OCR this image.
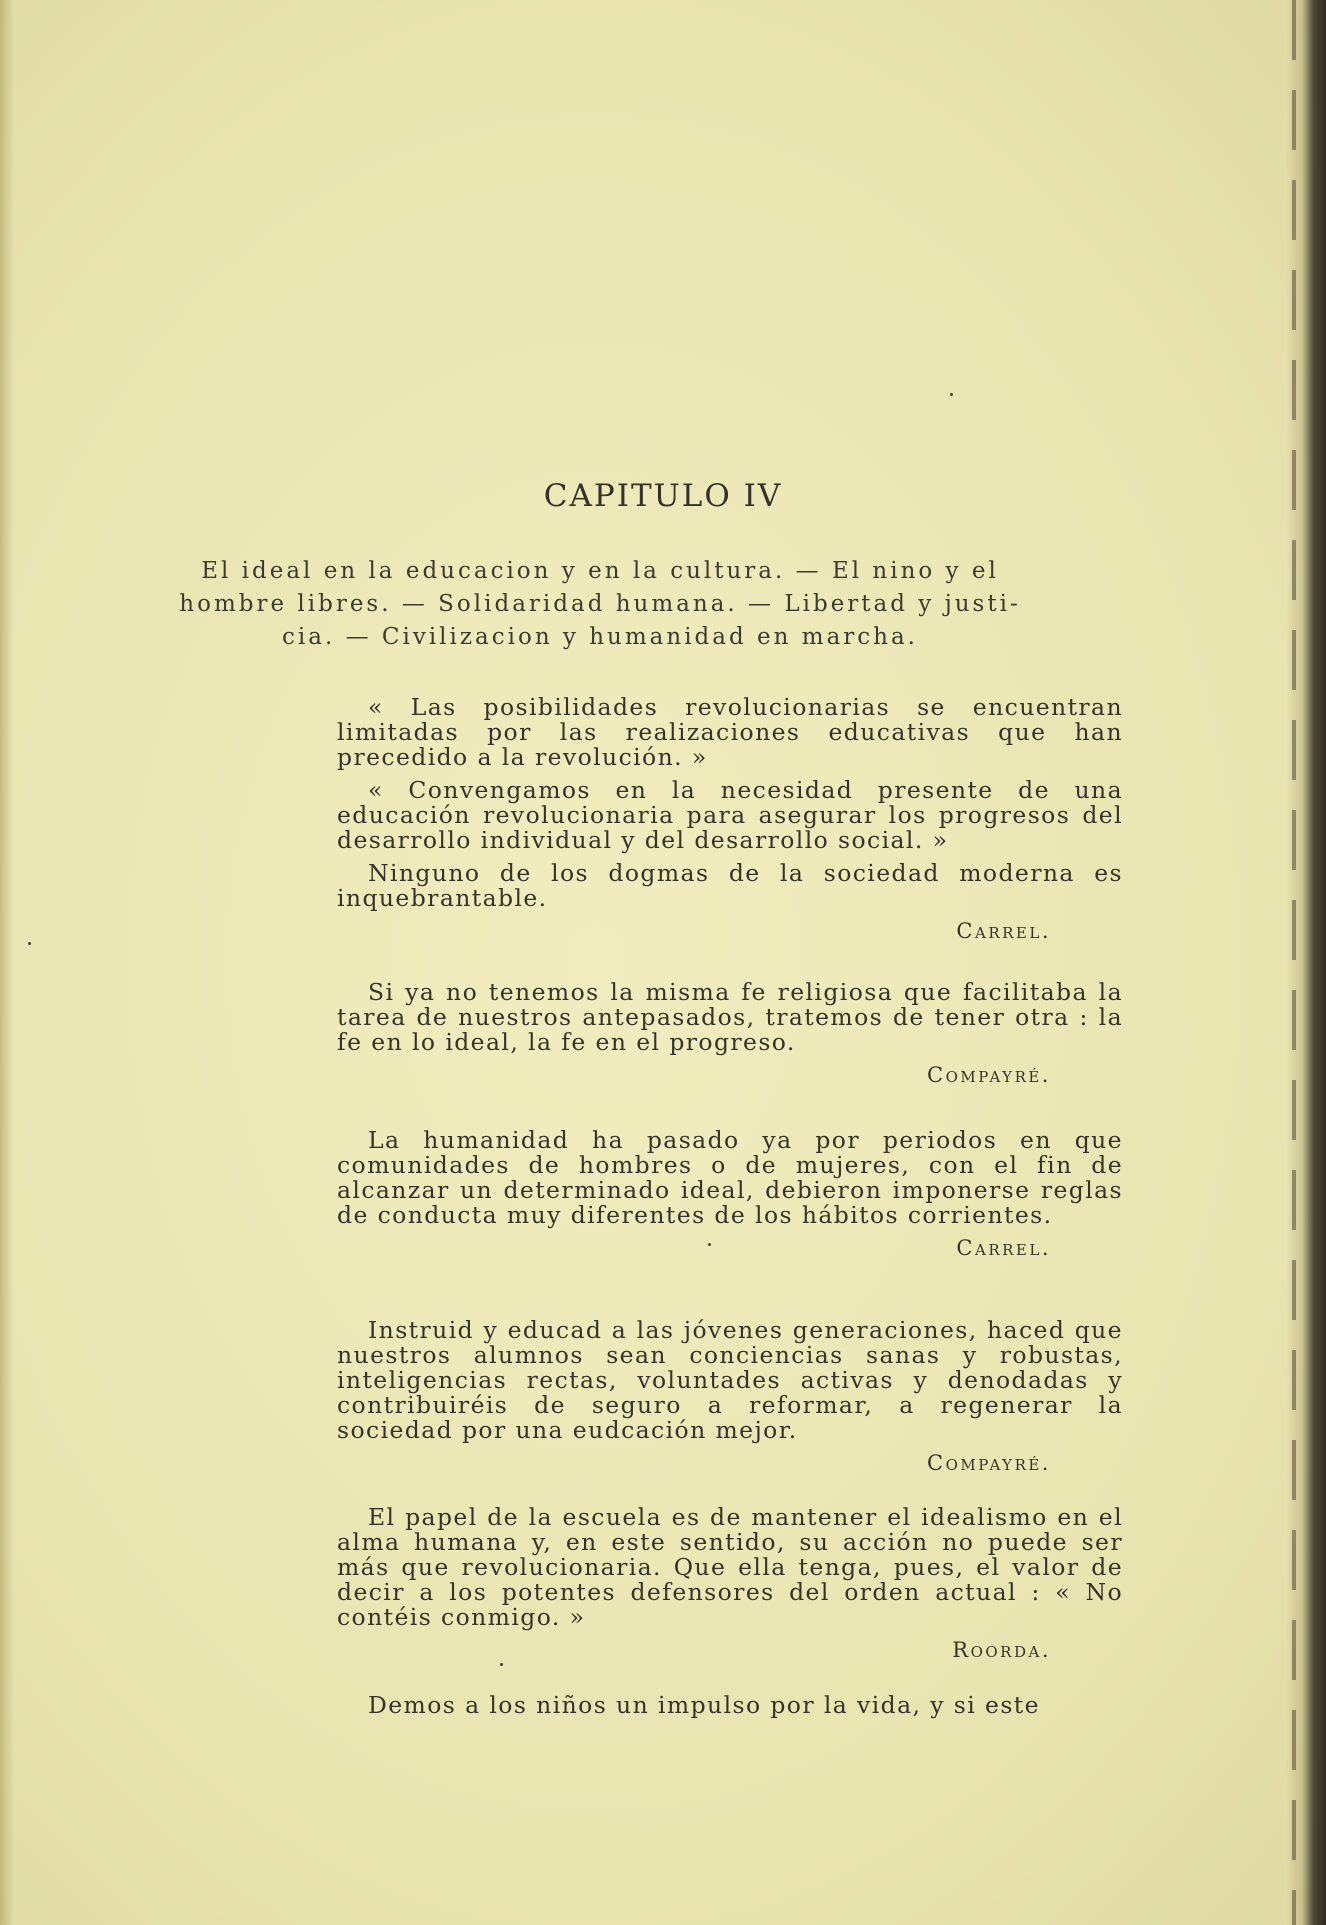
CAPITULO IV
El ideal en la educacion y en la cultura. — El nino y el
hombre libres. — Solidaridad humana. — Libertad y justi-
cia. — Civilizacion y humanidad en marcha.

« Las posibilidades revolucionarias se encuentran limitadas por las realizaciones educativas que han precedido a la revolución. »

« Convengamos en la necesidad presente de una educación revolucionaria para asegurar los progresos del desarrollo individual y del desarrollo social. »

Ninguno de los dogmas de la sociedad moderna es inquebrantable.

Carrel.

Si ya no tenemos la misma fe religiosa que facilitaba la tarea de nuestros antepasados, tratemos de tener otra : la fe en lo ideal, la fe en el progreso.

Compayré.

La humanidad ha pasado ya por periodos en que comunidades de hombres o de mujeres, con el fin de alcanzar un determinado ideal, debieron imponerse reglas de conducta muy diferentes de los hábitos corrientes.

Carrel.

Instruid y educad a las jóvenes generaciones, haced que nuestros alumnos sean conciencias sanas y robustas, inteligencias rectas, voluntades activas y denodadas y contribuiréis de seguro a reformar, a regenerar la sociedad por una eudcación mejor.

Compayré.

El papel de la escuela es de mantener el idealismo en el alma humana y, en este sentido, su acción no puede ser más que revolucionaria. Que ella tenga, pues, el valor de decir a los potentes defensores del orden actual : « No contéis conmigo. »

Roorda.

Demos a los niños un impulso por la vida, y si este
